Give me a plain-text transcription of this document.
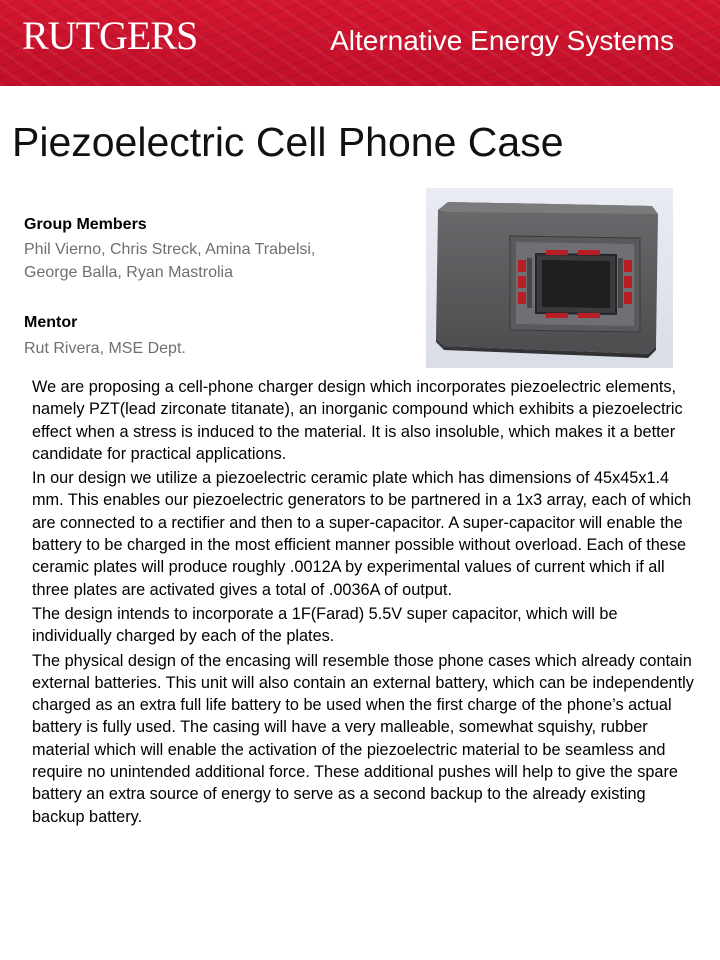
RUTGERS	Alternative Energy Systems
Piezoelectric Cell Phone Case
Group Members
Phil Vierno, Chris Streck, Amina Trabelsi, George Balla, Ryan Mastrolia
Mentor
Rut Rivera, MSE Dept.

We are proposing a cell-phone charger design which incorporates piezoelectric elements, namely PZT(lead zirconate titanate), an inorganic compound which exhibits a piezoelectric effect when a stress is induced to the material. It is also insoluble, which makes it a better candidate for practical applications.

In our design we utilize a piezoelectric ceramic plate which has dimensions of 45x45x1.4 mm. This enables our piezoelectric generators to be partnered in a 1x3 array, each of which are connected to a rectifier and then to a super-capacitor. A super-capacitor will enable the battery to be charged in the most efficient manner possible without overload. Each of these ceramic plates will produce roughly .0012A by experimental values of current which if all three plates are activated gives a total of .0036A of output.

The design intends to incorporate a 1F(Farad) 5.5V super capacitor, which will be individually charged by each of the plates.

The physical design of the encasing will resemble those phone cases which already contain external batteries. This unit will also contain an external battery, which can be independently charged as an extra full life battery to be used when the first charge of the phone’s actual battery is fully used. The casing will have a very malleable, somewhat squishy, rubber material which will enable the activation of the piezoelectric material to be seamless and require no unintended additional force. These additional pushes will help to give the spare battery an extra source of energy to serve as a second backup to the already existing backup battery.
